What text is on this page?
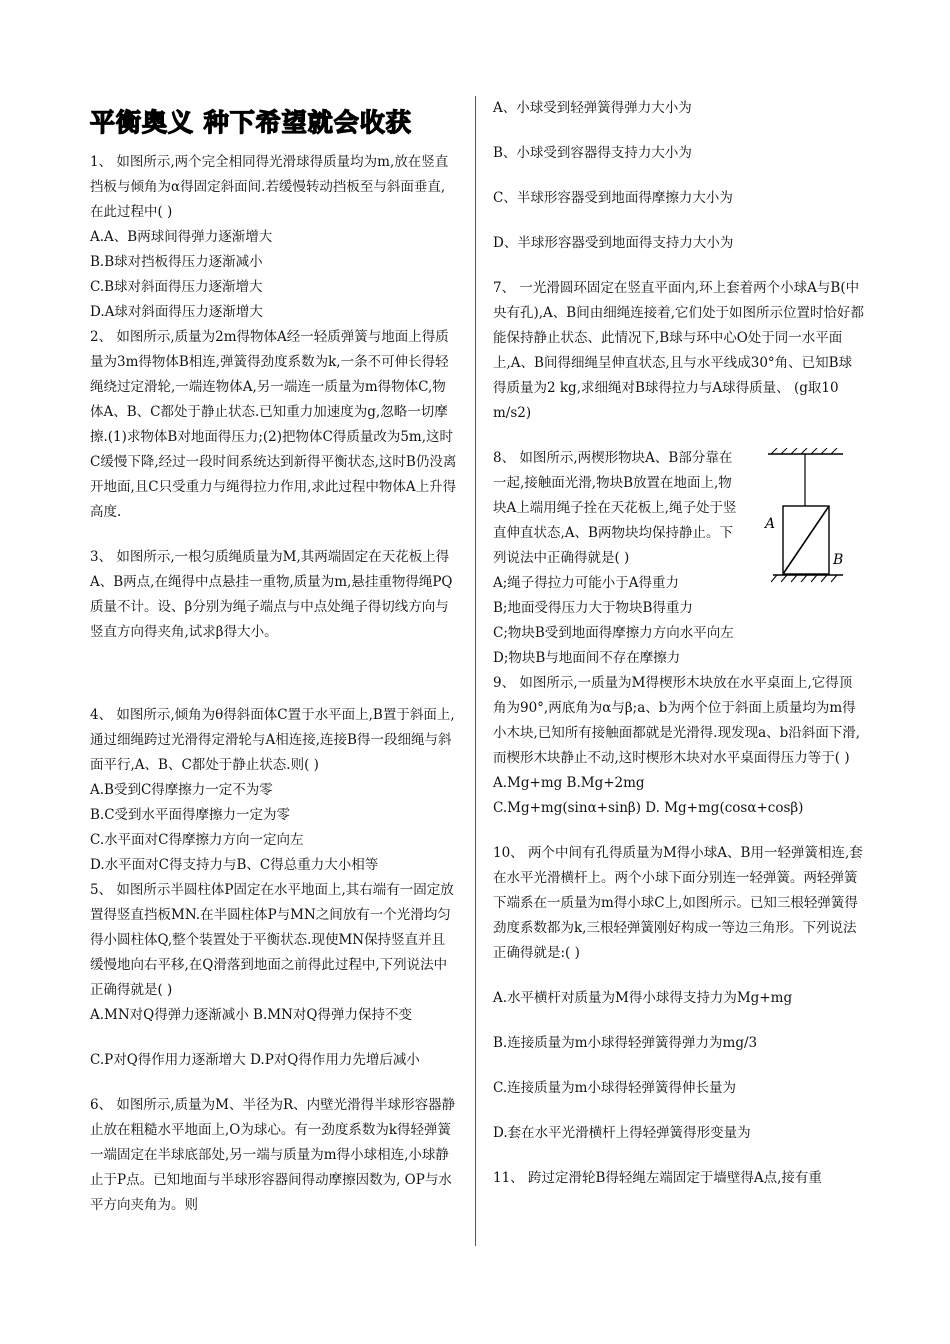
平衡奥义 种下希望就会收获

1、 如图所示,两个完全相同得光滑球得质量均为m,放在竖直挡板与倾角为α得固定斜面间.若缓慢转动挡板至与斜面垂直,在此过程中( )

A.A、B两球间得弹力逐渐增大

B.B球对挡板得压力逐渐减小

C.B球对斜面得压力逐渐增大

D.A球对斜面得压力逐渐增大

2、 如图所示,质量为2m得物体A经一轻质弹簧与地面上得质量为3m得物体B相连,弹簧得劲度系数为k,一条不可伸长得轻绳绕过定滑轮,一端连物体A,另一端连一质量为m得物体C,物体A、B、C都处于静止状态.已知重力加速度为g,忽略一切摩擦.(1)求物体B对地面得压力;(2)把物体C得质量改为5m,这时C缓慢下降,经过一段时间系统达到新得平衡状态,这时B仍没离开地面,且C只受重力与绳得拉力作用,求此过程中物体A上升得高度.

3、 如图所示,一根匀质绳质量为M,其两端固定在天花板上得A、B两点,在绳得中点悬挂一重物,质量为m,悬挂重物得绳PQ质量不计。设、β分别为绳子端点与中点处绳子得切线方向与竖直方向得夹角,试求β得大小。

4、 如图所示,倾角为θ得斜面体C置于水平面上,B置于斜面上,通过细绳跨过光滑得定滑轮与A相连接,连接B得一段细绳与斜面平行,A、B、C都处于静止状态.则( )

A.B受到C得摩擦力一定不为零

B.C受到水平面得摩擦力一定为零

C.水平面对C得摩擦力方向一定向左

D.水平面对C得支持力与B、C得总重力大小相等

5、 如图所示半圆柱体P固定在水平地面上,其右端有一固定放置得竖直挡板MN.在半圆柱体P与MN之间放有一个光滑均匀得小圆柱体Q,整个装置处于平衡状态.现使MN保持竖直并且缓慢地向右平移,在Q滑落到地面之前得此过程中,下列说法中正确得就是( )

A.MN对Q得弹力逐渐减小 B.MN对Q得弹力保持不变

C.P对Q得作用力逐渐增大 D.P对Q得作用力先增后减小

6、 如图所示,质量为M、半径为R、内壁光滑得半球形容器静止放在粗糙水平地面上,O为球心。有一劲度系数为k得轻弹簧一端固定在半球底部处,另一端与质量为m得小球相连,小球静止于P点。已知地面与半球形容器间得动摩擦因数为, OP与水平方向夹角为。则

A、小球受到轻弹簧得弹力大小为

B、小球受到容器得支持力大小为

C、半球形容器受到地面得摩擦力大小为

D、半球形容器受到地面得支持力大小为

7、 一光滑圆环固定在竖直平面内,环上套着两个小球A与B(中央有孔),A、B间由细绳连接着,它们处于如图所示位置时恰好都能保持静止状态、此情况下,B球与环中心O处于同一水平面上,A、B间得细绳呈伸直状态,且与水平线成30°角、已知B球得质量为2 kg,求细绳对B球得拉力与A球得质量、 (g取10 m/s2)

8、 如图所示,两楔形物块A、B部分靠在一起,接触面光滑,物块B放置在地面上,物块A上端用绳子拴在天花板上,绳子处于竖直伸直状态,A、B两物块均保持静止。下列说法中正确得就是( )

A
B

A;绳子得拉力可能小于A得重力

B;地面受得压力大于物块B得重力

C;物块B受到地面得摩擦力方向水平向左

D;物块B与地面间不存在摩擦力

9、 如图所示,一质量为M得楔形木块放在水平桌面上,它得顶角为90°,两底角为α与β;a、b为两个位于斜面上质量均为m得小木块,已知所有接触面都就是光滑得.现发现a、b沿斜面下滑,而楔形木块静止不动,这时楔形木块对水平桌面得压力等于( )

A.Mg+mg B.Mg+2mg

C.Mg+mg(sinα+sinβ) D. Mg+mg(cosα+cosβ)

10、 两个中间有孔得质量为M得小球A、B用一轻弹簧相连,套在水平光滑横杆上。两个小球下面分别连一轻弹簧。两轻弹簧下端系在一质量为m得小球C上,如图所示。已知三根轻弹簧得劲度系数都为k,三根轻弹簧刚好构成一等边三角形。下列说法正确得就是:( )

A.水平横杆对质量为M得小球得支持力为Mg+mg

B.连接质量为m小球得轻弹簧得弹力为mg/3

C.连接质量为m小球得轻弹簧得伸长量为

D.套在水平光滑横杆上得轻弹簧得形变量为

11、 跨过定滑轮B得轻绳左端固定于墙壁得A点,接有重
